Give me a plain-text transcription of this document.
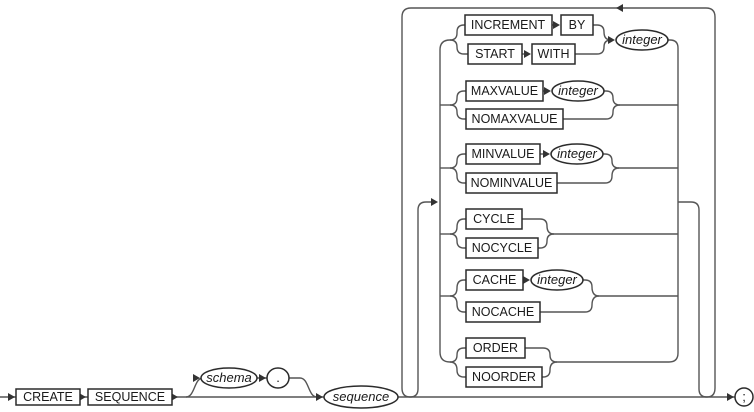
CREATE SEQUENCE
INCREMENT BY
START WITH
MAXVALUE
NOMAXVALUE
MINVALUE
NOMINVALUE
CYCLE
NOCYCLE
CACHE
NOCACHE
ORDER
NOORDER
schema .
sequence
integer
integer
integer
integer
;
